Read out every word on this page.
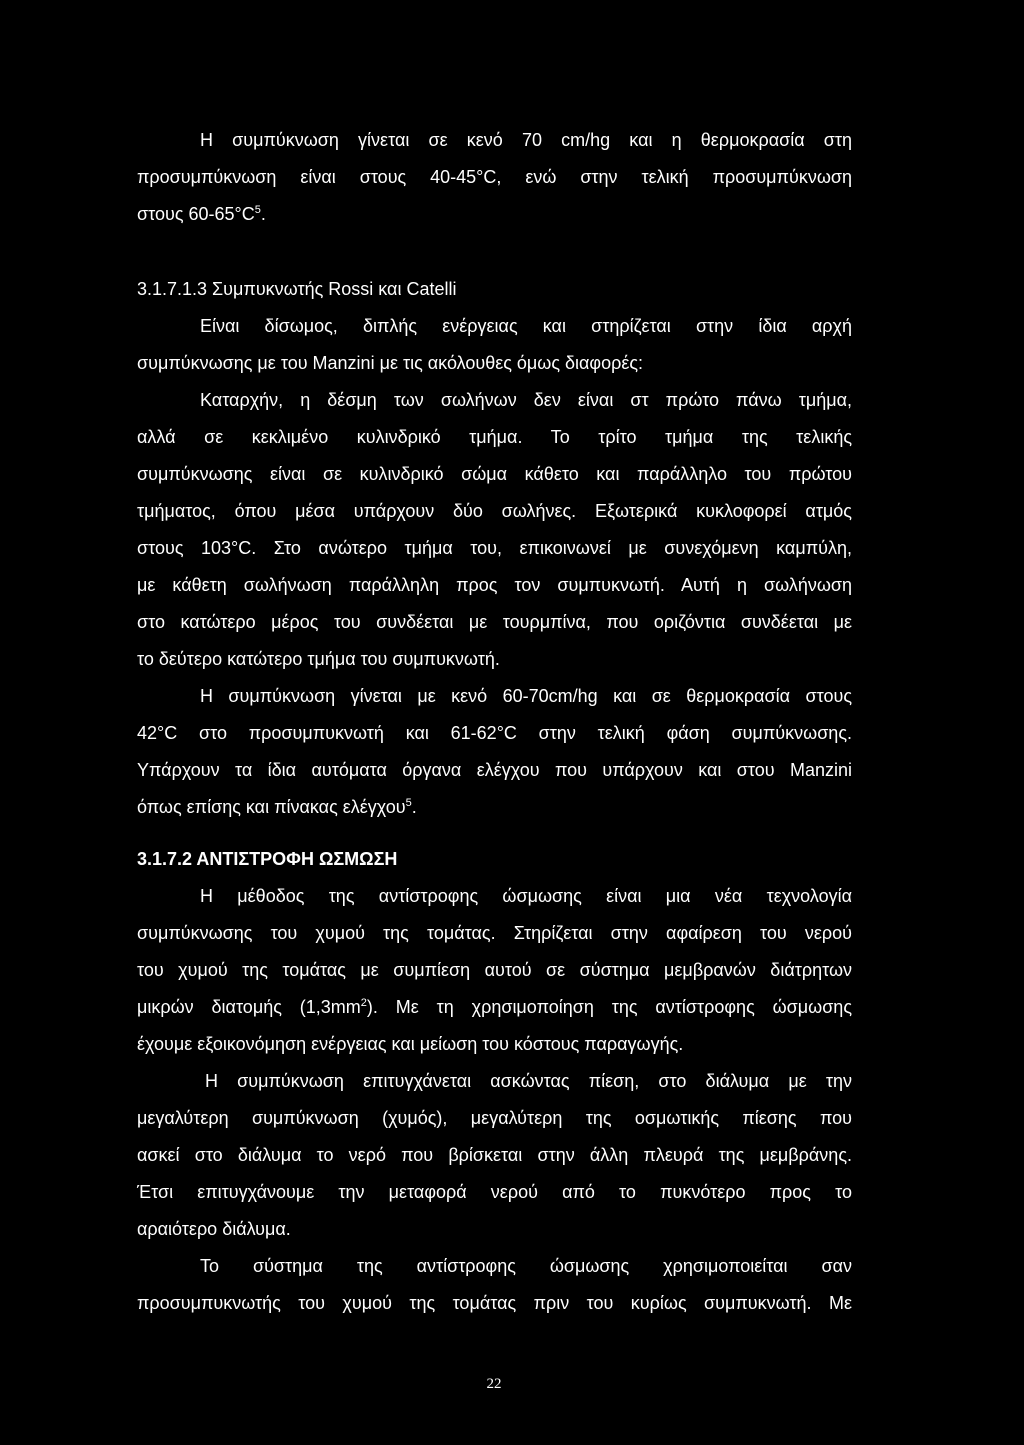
Η συμπύκνωση γίνεται σε κενό 70 cm/hg και η θερμοκρασία στη
προσυμπύκνωση είναι στους 40-45°C, ενώ στην τελική προσυμπύκνωση
στους $60-65^\circ C^5$.
3.1.7.1.3 Συμπυκνωτής Rossi και Catelli
Είναι δίσωμος, διπλής ενέργειας και στηρίζεται στην ίδια αρχή
συμπύκνωσης με του Manzini με τις ακόλουθες όμως διαφορές:
Καταρχήν, η δέσμη των σωλήνων δεν είναι στ πρώτο πάνω τμήμα,
αλλά σε κεκλιμένο κυλινδρικό τμήμα. Το τρίτο τμήμα της τελικής
συμπύκνωσης είναι σε κυλινδρικό σώμα κάθετο και παράλληλο του πρώτου
τμήματος, όπου μέσα υπάρχουν δύο σωλήνες. Εξωτερικά κυκλοφορεί ατμός
στους 103°C. Στο ανώτερο τμήμα του, επικοινωνεί με συνεχόμενη καμπύλη,
με κάθετη σωλήνωση παράλληλη προς τον συμπυκνωτή. Αυτή η σωλήνωση
στο κατώτερο μέρος του συνδέεται με τουρμπίνα, που οριζόντια συνδέεται με
το δεύτερο κατώτερο τμήμα του συμπυκνωτή.
Η συμπύκνωση γίνεται με κενό 60-70cm/hg και σε θερμοκρασία στους
42°C στο προσυμπυκνωτή και 61-62°C στην τελική φάση συμπύκνωσης.
Υπάρχουν τα ίδια αυτόματα όργανα ελέγχου που υπάρχουν και στου Manzini
όπως επίσης και πίνακας ελέγχου$^5$.
3.1.7.2 ΑΝΤΙΣΤΡΟΦΗ ΩΣΜΩΣΗ
Η μέθοδος της αντίστροφης ώσμωσης είναι μια νέα τεχνολογία
συμπύκνωσης του χυμού της τομάτας. Στηρίζεται στην αφαίρεση του νερού
του χυμού της τομάτας με συμπίεση αυτού σε σύστημα μεμβρανών διάτρητων
μικρών διατομής $(1,3mm^2)$. Με τη χρησιμοποίηση της αντίστροφης ώσμωσης
έχουμε εξοικονόμηση ενέργειας και μείωση του κόστους παραγωγής.
Η συμπύκνωση επιτυγχάνεται ασκώντας πίεση, στο διάλυμα με την
μεγαλύτερη συμπύκνωση (χυμός), μεγαλύτερη της οσμωτικής πίεσης που
ασκεί στο διάλυμα το νερό που βρίσκεται στην άλλη πλευρά της μεμβράνης.
Έτσι επιτυγχάνουμε την μεταφορά νερού από το πυκνότερο προς το
αραιότερο διάλυμα.
Το σύστημα της αντίστροφης ώσμωσης χρησιμοποιείται σαν
προσυμπυκνωτής του χυμού της τομάτας πριν του κυρίως συμπυκνωτή. Με
22
